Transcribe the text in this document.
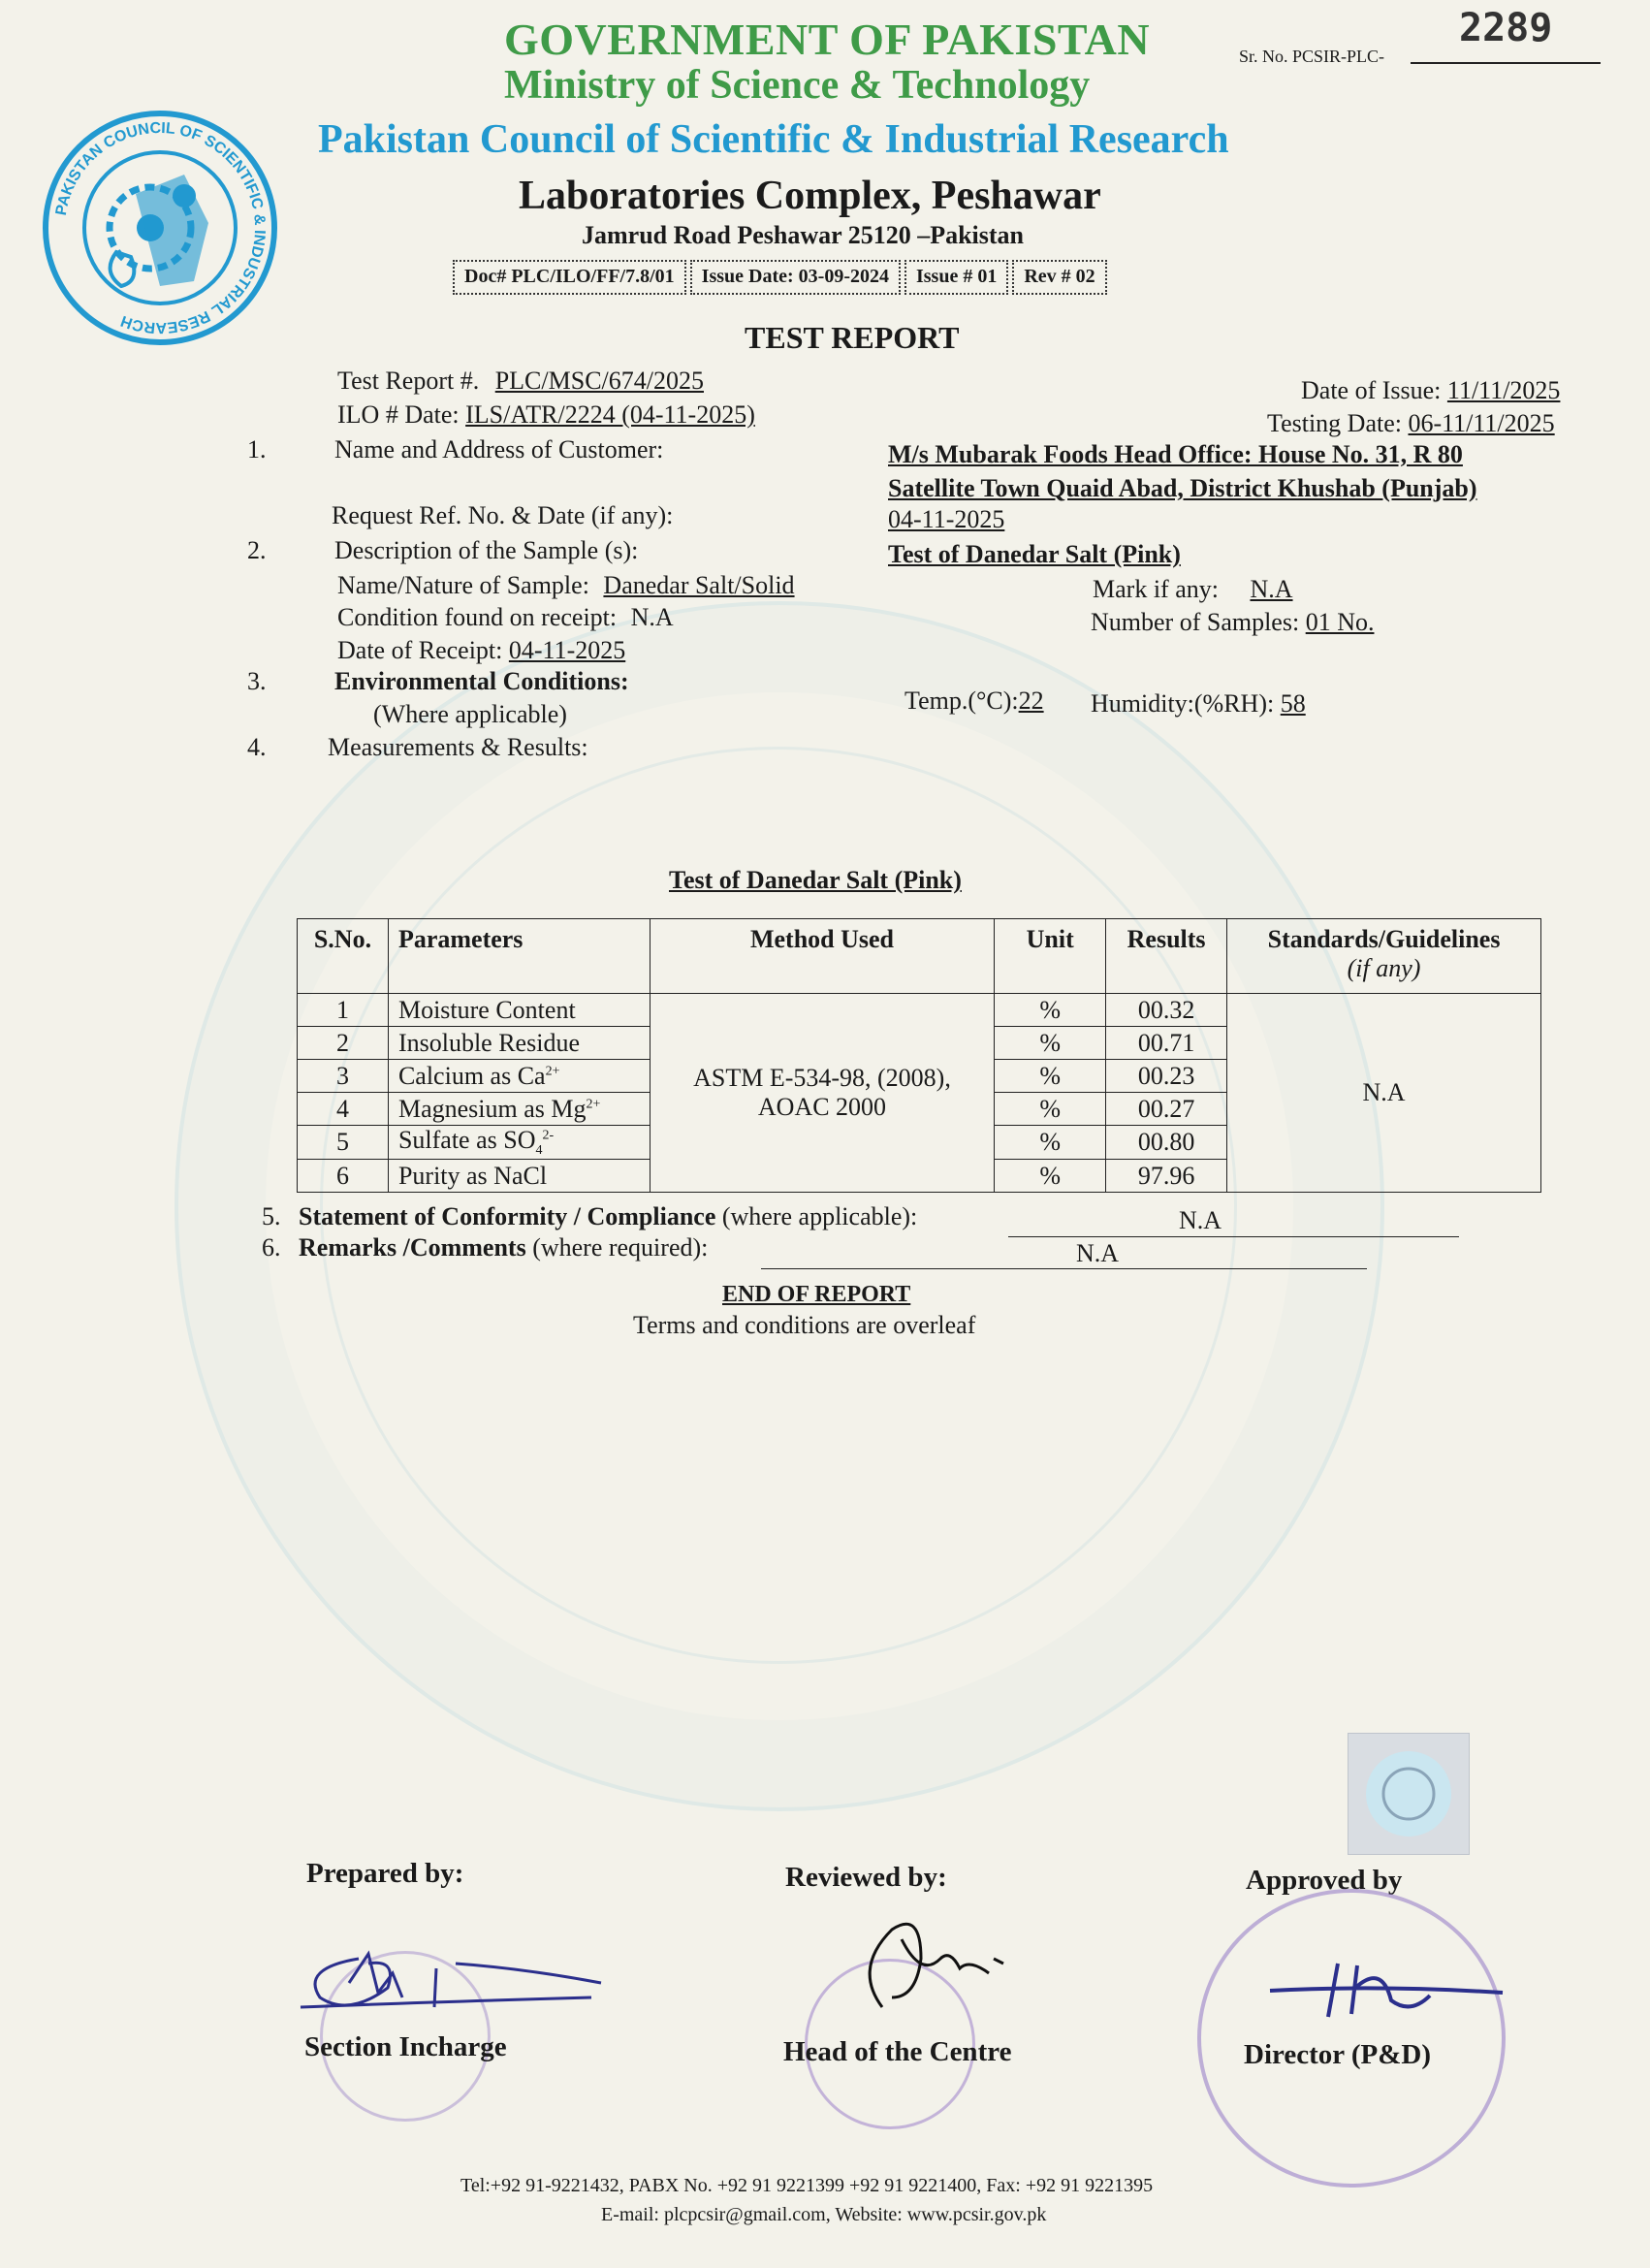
PAKISTAN COUNCIL OF SCIENTIFIC & INDUSTRIAL RESEARCH
GOVERNMENT OF PAKISTAN
Ministry of Science & Technology
Pakistan Council of Scientific & Industrial Research
Laboratories Complex, Peshawar
Jamrud Road Peshawar 25120 –Pakistan
Doc# PLC/ILO/FF/7.8/01	Issue Date: 03-09-2024	Issue # 01	Rev # 02
Sr. No. PCSIR-PLC-
2289
TEST REPORT
Test Report #. PLC/MSC/674/2025
ILO # Date: ILS/ATR/2224 (04-11-2025)
Date of Issue: 11/11/2025
Testing Date: 06-11/11/2025
1.	Name and Address of Customer:	M/s Mubarak Foods Head Office: House No. 31, R 80
Satellite Town Quaid Abad, District Khushab (Punjab)
Request Ref. No. & Date (if any):	04-11-2025
2.	Description of the Sample (s):	Test of Danedar Salt (Pink)
Name/Nature of Sample: Danedar Salt/Solid	Mark if any: N.A
Condition found on receipt: N.A	Number of Samples: 01 No.
Date of Receipt: 04-11-2025
3.	Environmental Conditions:
(Where applicable)	Temp.(°C):22 Humidity:(%RH): 58
4. Measurements & Results:
Test of Danedar Salt (Pink)
S.No.	Parameters	Method Used	Unit	Results	Standards/Guidelines
(if any)

1	Moisture Content	ASTM E-534-98, (2008),
AOAC 2000	%	00.32	N.A
2	Insoluble Residue		%	00.71	
3	Calcium as $Ca^{2+}$		%	00.23	
4	Magnesium as $Mg^{2+}$		%	00.27	
5	Sulfate as $SO_4^{2-}$		%	00.80	
6	Purity as NaCl		%	97.96	
5. Statement of Conformity / Compliance (where applicable):	N.A
6. Remarks /Comments (where required):	N.A
END OF REPORT
Terms and conditions are overleaf
Prepared by:	Reviewed by:	Approved by
Section Incharge	Head of the Centre	Director (P&D)
Tel:+92 91-9221432, PABX No. +92 91 9221399 +92 91 9221400, Fax: +92 91 9221395
E-mail: plcpcsir@gmail.com, Website: www.pcsir.gov.pk
